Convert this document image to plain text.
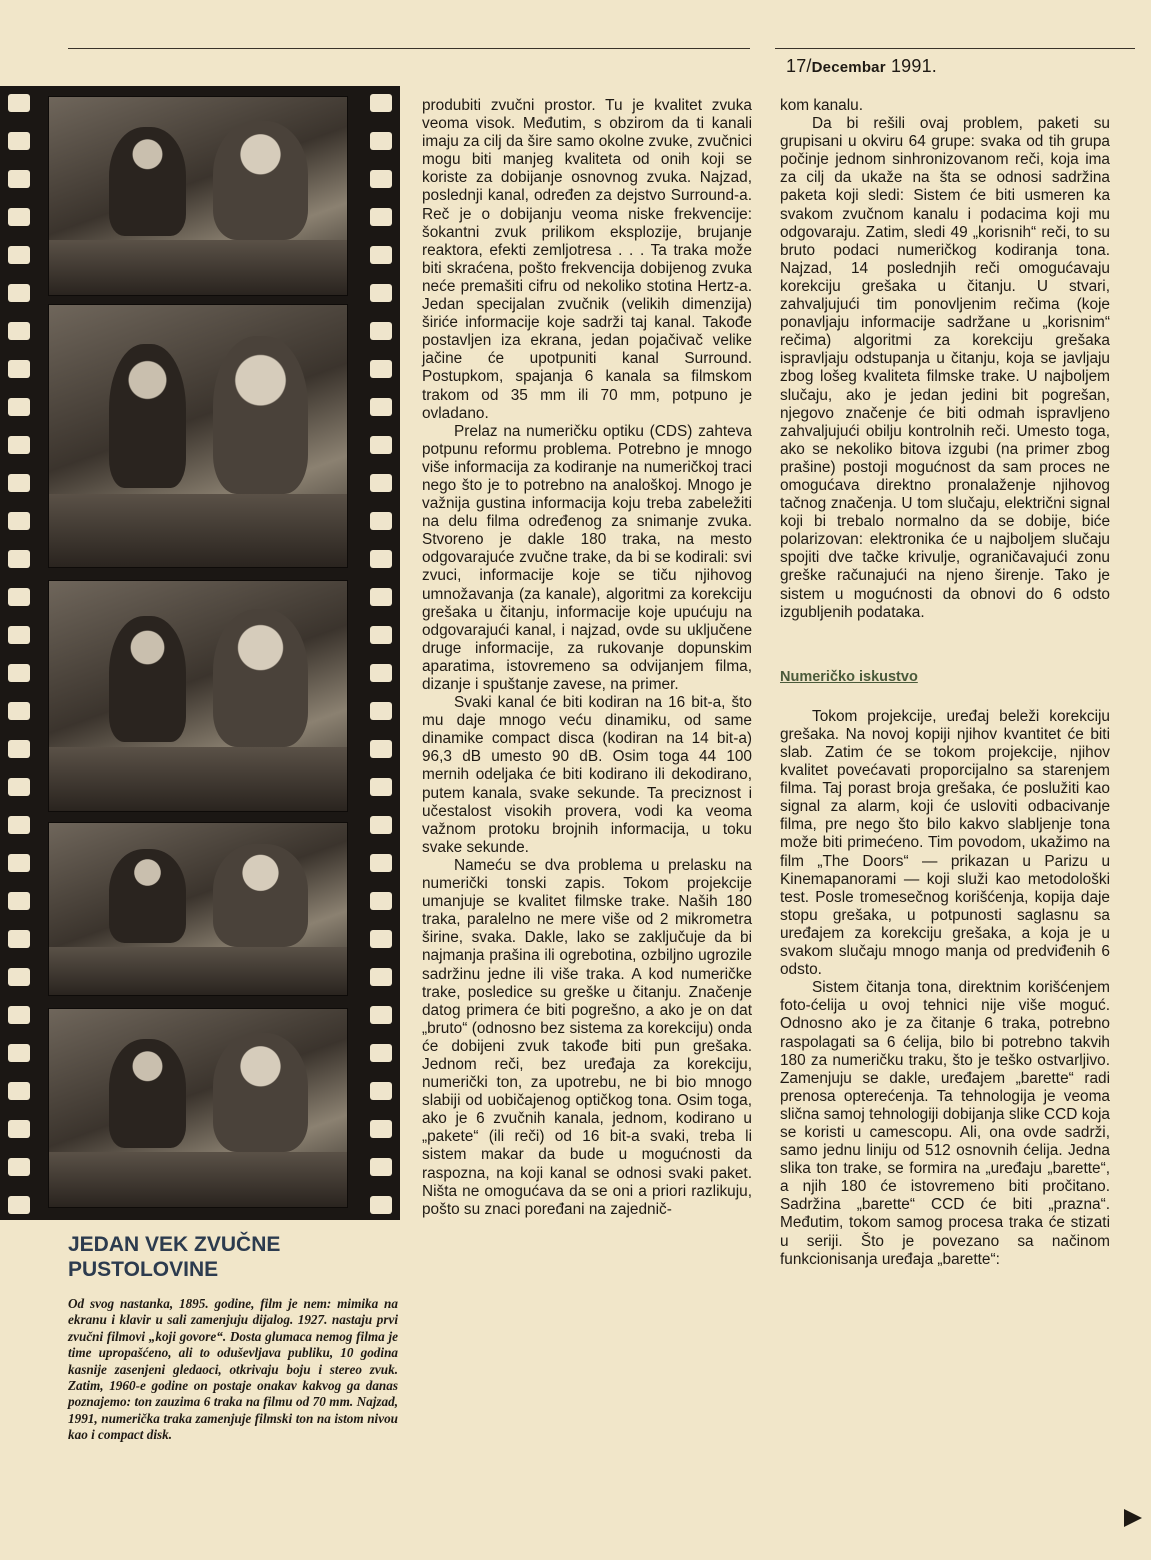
17/Decembar 1991.
JEDAN VEK ZVUČNE
PUSTOLOVINE
Od svog nastanka, 1895. godine, film je nem: mimika na ekranu i klavir u sali zamenjuju dijalog. 1927. nastaju prvi zvučni filmovi „koji govore“. Dosta glumaca nemog filma je time upropašćeno, ali to oduševljava publiku, 10 godina kasnije zasenjeni gledaoci, otkrivaju boju i stereo zvuk. Zatim, 1960-e godine on postaje onakav kakvog ga danas poznajemo: ton zauzima 6 traka na filmu od 70 mm. Najzad, 1991, numerička traka zamenjuje filmski ton na istom nivou kao i compact disk.

produbiti zvučni prostor. Tu je kvalitet zvuka veoma visok. Međutim, s obzirom da ti kanali imaju za cilj da šire samo okolne zvuke, zvučnici mogu biti manjeg kvaliteta od onih koji se koriste za dobijanje osnovnog zvuka. Najzad, poslednji kanal, određen za dejstvo Surround-a. Reč je o dobijanju veoma niske frekvencije: šokantni zvuk prilikom eksplozije, brujanje reaktora, efekti zemljotresa . . . Ta traka može biti skraćena, pošto frekvencija dobijenog zvuka neće premašiti cifru od nekoliko stotina Hertz-a. Jedan specijalan zvučnik (velikih dimenzija) širiće informacije koje sadrži taj kanal. Takođe postavljen iza ekrana, jedan pojačivač velike jačine će upotpuniti kanal Surround. Postupkom, spajanja 6 kanala sa filmskom trakom od 35 mm ili 70 mm, potpuno je ovladano.

Prelaz na numeričku optiku (CDS) zahteva potpunu reformu problema. Potrebno je mnogo više informacija za kodiranje na numeričkoj traci nego što je to potrebno na analoškoj. Mnogo je važnija gustina informacija koju treba zabeležiti na delu filma određenog za snimanje zvuka. Stvoreno je dakle 180 traka, na mesto odgovarajuće zvučne trake, da bi se kodirali: svi zvuci, informacije koje se tiču njihovog umnožavanja (za kanale), algoritmi za korekciju grešaka u čitanju, informacije koje upućuju na odgovarajući kanal, i najzad, ovde su uključene druge informacije, za rukovanje dopunskim aparatima, istovremeno sa odvijanjem filma, dizanje i spuštanje zavese, na primer.

Svaki kanal će biti kodiran na 16 bit-a, što mu daje mnogo veću dinamiku, od same dinamike compact disca (kodiran na 14 bit-a) 96,3 dB umesto 90 dB. Osim toga 44 100 mernih odeljaka će biti kodirano ili dekodirano, putem kanala, svake sekunde. Ta preciznost i učestalost visokih provera, vodi ka veoma važnom protoku brojnih informacija, u toku svake sekunde.

Nameću se dva problema u prelasku na numerički tonski zapis. Tokom projekcije umanjuje se kvalitet filmske trake. Naših 180 traka, paralelno ne mere više od 2 mikrometra širine, svaka. Dakle, lako se zaključuje da bi najmanja prašina ili ogrebotina, ozbiljno ugrozile sadržinu jedne ili više traka. A kod numeričke trake, posledice su greške u čitanju. Značenje datog primera će biti pogrešno, a ako je on dat „bruto“ (odnosno bez sistema za korekciju) onda će dobijeni zvuk takođe biti pun grešaka. Jednom reči, bez uređaja za korekciju, numerički ton, za upotrebu, ne bi bio mnogo slabiji od uobičajenog optičkog tona. Osim toga, ako je 6 zvučnih kanala, jednom, kodirano u „pakete“ (ili reči) od 16 bit-a svaki, treba li sistem makar da bude u mogućnosti da raspozna, na koji kanal se odnosi svaki paket. Ništa ne omogućava da se oni a priori razlikuju, pošto su znaci poređani na zajednič-

kom kanalu.

Da bi rešili ovaj problem, paketi su grupisani u okviru 64 grupe: svaka od tih grupa počinje jednom sinhronizovanom reči, koja ima za cilj da ukaže na šta se odnosi sadržina paketa koji sledi: Sistem će biti usmeren ka svakom zvučnom kanalu i podacima koji mu odgovaraju. Zatim, sledi 49 „korisnih“ reči, to su bruto podaci numeričkog kodiranja tona. Najzad, 14 poslednjih reči omogućavaju korekciju grešaka u čitanju. U stvari, zahvaljujući tim ponovljenim rečima (koje ponavljaju informacije sadržane u „korisnim“ rečima) algoritmi za korekciju grešaka ispravljaju odstupanja u čitanju, koja se javljaju zbog lošeg kvaliteta filmske trake. U najboljem slučaju, ako je jedan jedini bit pogrešan, njegovo značenje će biti odmah ispravljeno zahvaljujući obilju kontrolnih reči. Umesto toga, ako se nekoliko bitova izgubi (na primer zbog prašine) postoji mogućnost da sam proces ne omogućava direktno pronalaženje njihovog tačnog značenja. U tom slučaju, električni signal koji bi trebalo normalno da se dobije, biće polarizovan: elektronika će u najboljem slučaju spojiti dve tačke krivulje, ograničavajući zonu greške računajući na njeno širenje. Tako je sistem u mogućnosti da obnovi do 6 odsto izgubljenih podataka.

Numeričko iskustvo

Tokom projekcije, uređaj beleži korekciju grešaka. Na novoj kopiji njihov kvantitet će biti slab. Zatim će se tokom projekcije, njihov kvalitet povećavati proporcijalno sa starenjem filma. Taj porast broja grešaka, će poslužiti kao signal za alarm, koji će usloviti odbacivanje filma, pre nego što bilo kakvo slabljenje tona može biti primećeno. Tim povodom, ukažimo na film „The Doors“ — prikazan u Parizu u Kinemapanorami — koji služi kao metodološki test. Posle tromesečnog korišćenja, kopija daje stopu grešaka, u potpunosti saglasnu sa uređajem za korekciju grešaka, a koja je u svakom slučaju mnogo manja od predviđenih 6 odsto.

Sistem čitanja tona, direktnim korišćenjem foto-ćelija u ovoj tehnici nije više moguć. Odnosno ako je za čitanje 6 traka, potrebno raspolagati sa 6 ćelija, bilo bi potrebno takvih 180 za numeričku traku, što je teško ostvarljivo. Zamenjuju se dakle, uređajem „barette“ radi prenosa opterećenja. Ta tehnologija je veoma slična samoj tehnologiji dobijanja slike CCD koja se koristi u camescopu. Ali, ona ovde sadrži, samo jednu liniju od 512 osnovnih ćelija. Jedna slika ton trake, se formira na „uređaju „barette“, a njih 180 će istovremeno biti pročitano. Sadržina „barette“ CCD će biti „prazna“. Međutim, tokom samog procesa traka će stizati u seriji. Što je povezano sa načinom funkcionisanja uređaja „barette“:
